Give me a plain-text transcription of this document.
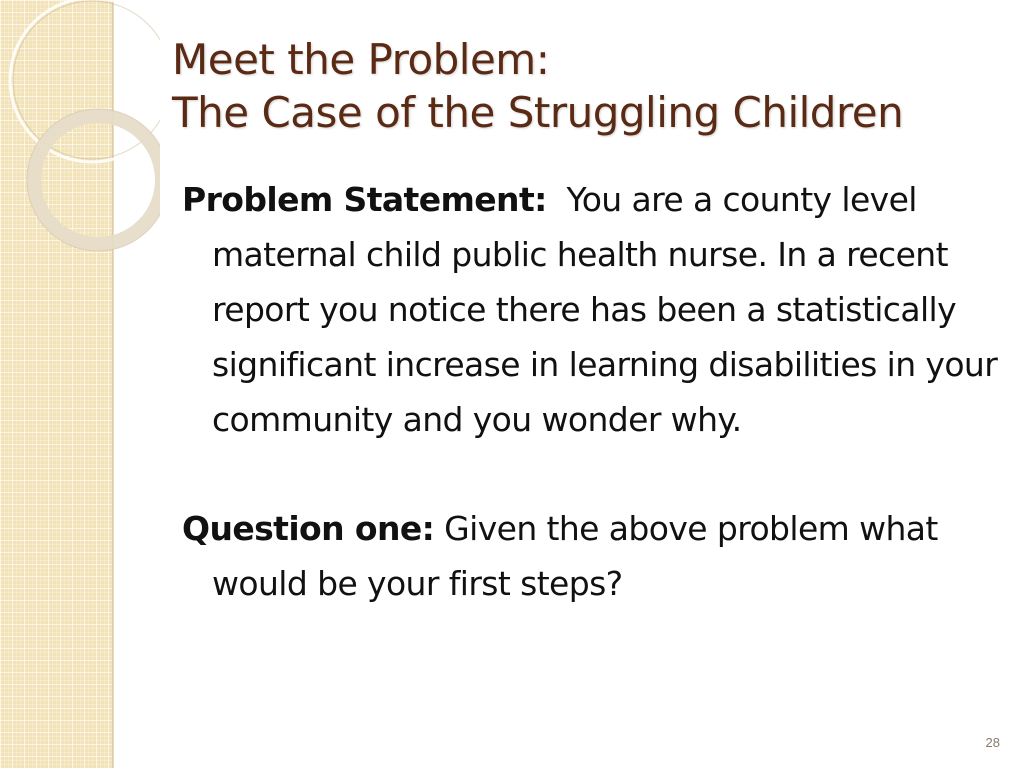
Meet the Problem:
The Case of the Struggling Children

Problem Statement: You are a county level maternal child public health nurse. In a recent report you notice there has been a statistically significant increase in learning disabilities in your community and you wonder why.

Question one: Given the above problem what would be your first steps?

28
